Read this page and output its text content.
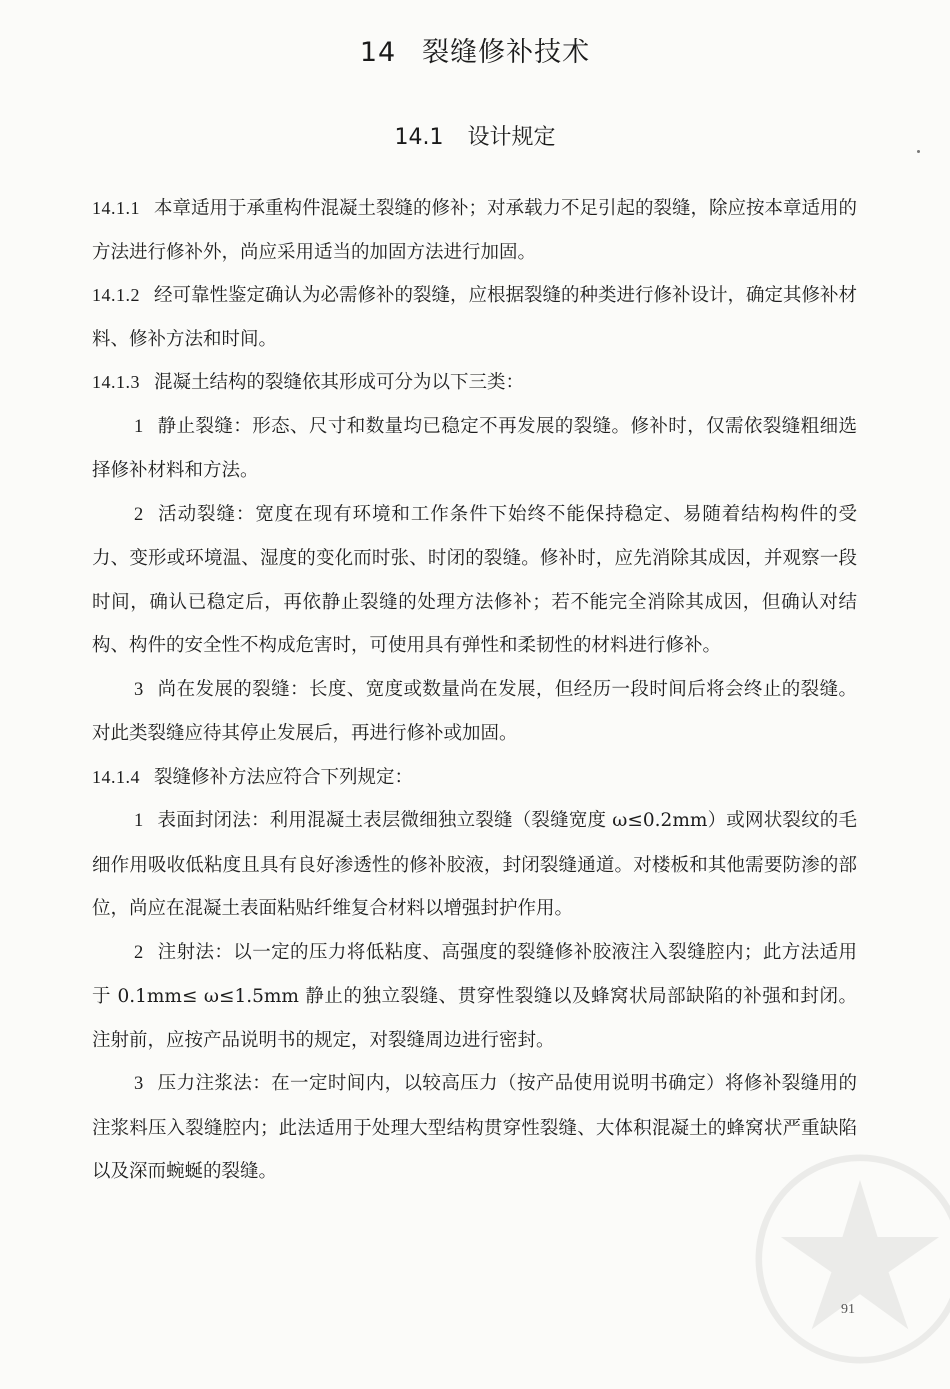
14 裂缝修补技术
14.1 设计规定

14.1.1 本章适用于承重构件混凝土裂缝的修补；对承载力不足引起的裂缝，除应按本章适用的方法进行修补外，尚应采用适当的加固方法进行加固。

14.1.2 经可靠性鉴定确认为必需修补的裂缝，应根据裂缝的种类进行修补设计，确定其修补材料、修补方法和时间。

14.1.3 混凝土结构的裂缝依其形成可分为以下三类：

1 静止裂缝：形态、尺寸和数量均已稳定不再发展的裂缝。修补时，仅需依裂缝粗细选择修补材料和方法。

2 活动裂缝：宽度在现有环境和工作条件下始终不能保持稳定、易随着结构构件的受力、变形或环境温、湿度的变化而时张、时闭的裂缝。修补时，应先消除其成因，并观察一段时间，确认已稳定后，再依静止裂缝的处理方法修补；若不能完全消除其成因，但确认对结构、构件的安全性不构成危害时，可使用具有弹性和柔韧性的材料进行修补。

3 尚在发展的裂缝：长度、宽度或数量尚在发展，但经历一段时间后将会终止的裂缝。对此类裂缝应待其停止发展后，再进行修补或加固。

14.1.4 裂缝修补方法应符合下列规定：

1 表面封闭法：利用混凝土表层微细独立裂缝（裂缝宽度 ω≤0.2mm）或网状裂纹的毛细作用吸收低粘度且具有良好渗透性的修补胶液，封闭裂缝通道。对楼板和其他需要防渗的部位，尚应在混凝土表面粘贴纤维复合材料以增强封护作用。

2 注射法：以一定的压力将低粘度、高强度的裂缝修补胶液注入裂缝腔内；此方法适用于 0.1mm≤ ω≤1.5mm 静止的独立裂缝、贯穿性裂缝以及蜂窝状局部缺陷的补强和封闭。注射前，应按产品说明书的规定，对裂缝周边进行密封。

3 压力注浆法：在一定时间内，以较高压力（按产品使用说明书确定）将修补裂缝用的注浆料压入裂缝腔内；此法适用于处理大型结构贯穿性裂缝、大体积混凝土的蜂窝状严重缺陷以及深而蜿蜒的裂缝。

91
